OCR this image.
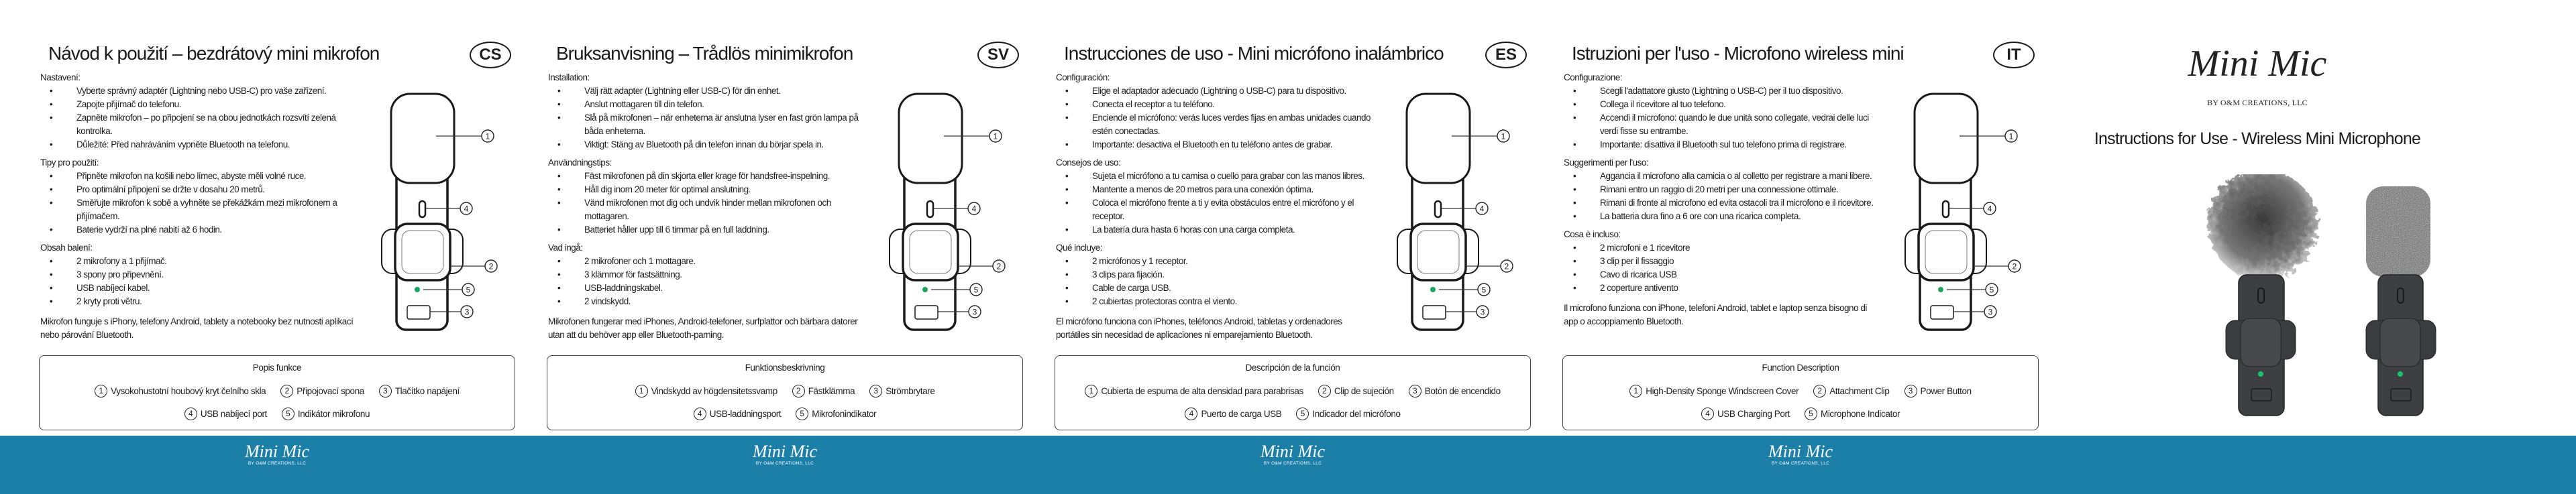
Návod k použití – bezdrátový mini mikrofon	CS
Nastavení:
•	Vyberte správný adaptér (Lightning nebo USB-C) pro vaše zařízení.
•	Zapojte přijímač do telefonu.
•	Zapněte mikrofon – po připojení se na obou jednotkách rozsvítí zelená kontrolka.
•	Důležité: Před nahráváním vypněte Bluetooth na telefonu.
Tipy pro použití:
•	Připněte mikrofon na košili nebo límec, abyste měli volné ruce.
•	Pro optimální připojení se držte v dosahu 20 metrů.
•	Směřujte mikrofon k sobě a vyhněte se překážkám mezi mikrofonem a přijímačem.
•	Baterie vydrží na plné nabití až 6 hodin.
Obsah balení:
•	2 mikrofony a 1 přijímač.
•	3 spony pro připevnění.
•	USB nabíjecí kabel.
•	2 kryty proti větru.
Mikrofon funguje s iPhony, telefony Android, tablety a notebooky bez nutnosti aplikací nebo párování Bluetooth.
1
4
2
5
3
Popis funkce
1 Vysokohustotní houbový kryt čelního skla	2 Připojovací spona	3 Tlačítko napájení
4 USB nabíjecí port	5 Indikátor mikrofonu
Bruksanvisning – Trådlös minimikrofon	SV
Installation:
•	Välj rätt adapter (Lightning eller USB-C) för din enhet.
•	Anslut mottagaren till din telefon.
•	Slå på mikrofonen – när enheterna är anslutna lyser en fast grön lampa på båda enheterna.
•	Viktigt: Stäng av Bluetooth på din telefon innan du börjar spela in.
Användningstips:
•	Fäst mikrofonen på din skjorta eller krage för handsfree-inspelning.
•	Håll dig inom 20 meter för optimal anslutning.
•	Vänd mikrofonen mot dig och undvik hinder mellan mikrofonen och mottagaren.
•	Batteriet håller upp till 6 timmar på en full laddning.
Vad ingå:
•	2 mikrofoner och 1 mottagare.
•	3 klämmor för fastsättning.
•	USB-laddningskabel.
•	2 vindskydd.
Mikrofonen fungerar med iPhones, Android-telefoner, surfplattor och bärbara datorer utan att du behöver app eller Bluetooth-parning.
1
4
2
5
3
Funktionsbeskrivning
1 Vindskydd av högdensitetssvamp	2 Fästklämma	3 Strömbrytare
4 USB-laddningsport	5 Mikrofonindikator
Instrucciones de uso - Mini micrófono inalámbrico	ES
Configuración:
•	Elige el adaptador adecuado (Lightning o USB-C) para tu dispositivo.
•	Conecta el receptor a tu teléfono.
•	Enciende el micrófono: verás luces verdes fijas en ambas unidades cuando estén conectadas.
•	Importante: desactiva el Bluetooth en tu teléfono antes de grabar.
Consejos de uso:
•	Sujeta el micrófono a tu camisa o cuello para grabar con las manos libres.
•	Mantente a menos de 20 metros para una conexión óptima.
•	Coloca el micrófono frente a ti y evita obstáculos entre el micrófono y el receptor.
•	La batería dura hasta 6 horas con una carga completa.
Qué incluye:
•	2 micrófonos y 1 receptor.
•	3 clips para fijación.
•	Cable de carga USB.
•	2 cubiertas protectoras contra el viento.
El micrófono funciona con iPhones, teléfonos Android, tabletas y ordenadores portátiles sin necesidad de aplicaciones ni emparejamiento Bluetooth.
1
4
2
5
3
Descripción de la función
1 Cubierta de espuma de alta densidad para parabrisas	2 Clip de sujeción	3 Botón de encendido
4 Puerto de carga USB	5 Indicador del micrófono
Istruzioni per l'uso - Microfono wireless mini	IT
Configurazione:
•	Scegli l'adattatore giusto (Lightning o USB-C) per il tuo dispositivo.
•	Collega il ricevitore al tuo telefono.
•	Accendi il microfono: quando le due unità sono collegate, vedrai delle luci verdi fisse su entrambe.
•	Importante: disattiva il Bluetooth sul tuo telefono prima di registrare.
Suggerimenti per l'uso:
•	Aggancia il microfono alla camicia o al colletto per registrare a mani libere.
•	Rimani entro un raggio di 20 metri per una connessione ottimale.
•	Rimani di fronte al microfono ed evita ostacoli tra il microfono e il ricevitore.
•	La batteria dura fino a 6 ore con una ricarica completa.
Cosa è incluso:
•	2 microfoni e 1 ricevitore
•	3 clip per il fissaggio
•	Cavo di ricarica USB
•	2 coperture antivento
Il microfono funziona con iPhone, telefoni Android, tablet e laptop senza bisogno di app o accoppiamento Bluetooth.
1
4
2
5
3
Function Description
1 High-Density Sponge Windscreen Cover	2 Attachment Clip	3 Power Button
4 USB Charging Port	5 Microphone Indicator
Mini Mic
BY O&M CREATIONS, LLC
Instructions for Use - Wireless Mini Microphone
Mini Mic
BY O&M CREATIONS, LLC
Mini Mic
BY O&M CREATIONS, LLC
Mini Mic
BY O&M CREATIONS, LLC
Mini Mic
BY O&M CREATIONS, LLC
